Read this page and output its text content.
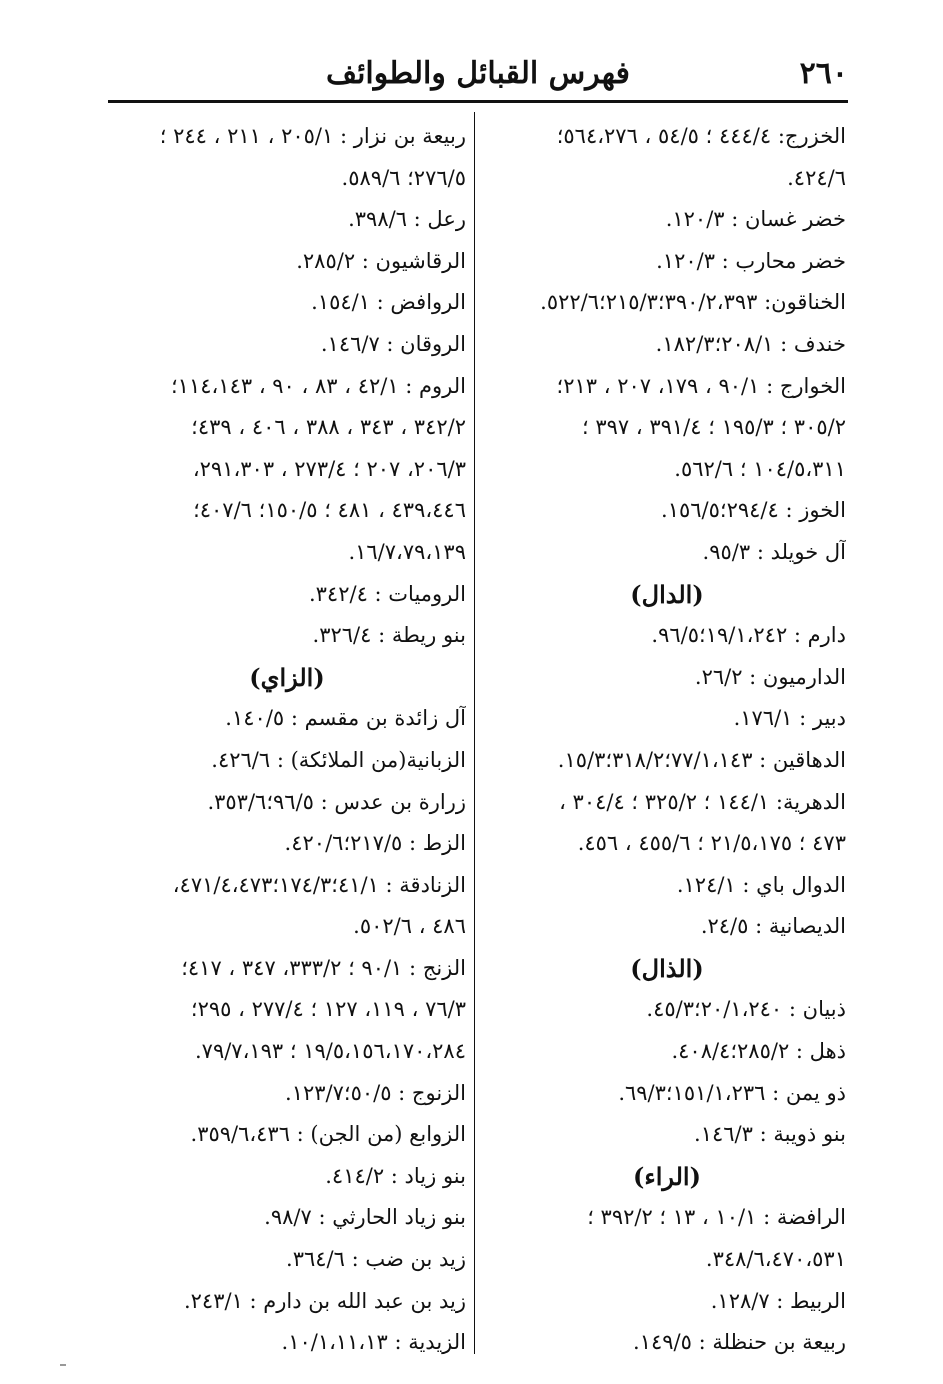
٢٦٠
فهرس القبائل والطوائف
الخزرج: ٤٤٤/٤ ؛ ٥٤/٥ ، ٥٦٤،٢٧٦؛
٤٢٤/٦.
خضر غسان : ١٢٠/٣.
خضر محارب : ١٢٠/٣.
الخناقون: ٣٩٠/٢،٣٩٣؛٢١٥/٣؛٥٢٢/٦.
خندف : ٢٠٨/١؛١٨٢/٣.
الخوارج : ٩٠/١ ، ١٧٩، ٢٠٧ ، ٢١٣؛
٣٠٥/٢ ؛ ١٩٥/٣ ؛ ٣٩١/٤ ، ٣٩٧ ؛
١٠٤/٥،٣١١ ؛ ٥٦٢/٦.
الخوز : ٢٩٤/٤؛١٥٦/٥.
آل خويلد : ٩٥/٣.
(الدال)
دارم : ١٩/١،٢٤٢؛٩٦/٥.
الدارميون : ٢٦/٢.
دبير : ١٧٦/١.
الدهاقين : ٧٧/١،١٤٣؛٣١٨/٢؛١٥/٣.
الدهرية: ١٤٤/١ ؛ ٣٢٥/٢ ؛ ٣٠٤/٤ ،
٤٧٣ ؛ ٢١/٥،١٧٥ ؛ ٤٥٥/٦ ، ٤٥٦.
الدوال باي : ١٢٤/١.
الديصانية : ٢٤/٥.
(الذال)
ذبيان : ٢٠/١،٢٤٠؛٤٥/٣.
ذهل : ٢٨٥/٢؛٤٠٨/٤.
ذو يمن : ١٥١/١،٢٣٦؛٦٩/٣.
بنو ذويبة : ١٤٦/٣.
(الراء)
الرافضة : ١٠/١ ، ١٣ ؛ ٣٩٢/٢ ؛
٣٤٨/٦،٤٧٠،٥٣١.
الربيط : ١٢٨/٧.
ربيعة بن حنظلة : ١٤٩/٥.
ربيعة بن نزار : ٢٠٥/١ ، ٢١١ ، ٢٤٤ ؛
٢٧٦/٥؛ ٥٨٩/٦.
رعل : ٣٩٨/٦.
الرقاشيون : ٢٨٥/٢.
الروافض : ١٥٤/١.
الروقان : ١٤٦/٧.
الروم : ٤٢/١ ، ٨٣ ، ٩٠ ، ١١٤،١٤٣؛
٣٤٢/٢ ، ٣٤٣ ، ٣٨٨ ، ٤٠٦ ، ٤٣٩؛
٢٠٦/٣، ٢٠٧ ؛ ٢٧٣/٤ ، ٢٩١،٣٠٣،
٤٣٩،٤٤٦ ، ٤٨١ ؛ ١٥٠/٥؛ ٤٠٧/٦؛
١٦/٧،٧٩،١٣٩.
الروميات : ٣٤٢/٤.
بنو ريطة : ٣٢٦/٤.
(الزاي)
آل زائدة بن مقسم : ١٤٠/٥.
الزبانية(من الملائكة) : ٤٢٦/٦.
زرارة بن عدس : ٩٦/٥؛٣٥٣/٦.
الزط : ٢١٧/٥؛٤٢٠/٦.
الزنادقة : ٤١/١؛١٧٤/٣؛٤٧١/٤،٤٧٣،
٤٨٦ ، ٥٠٢/٦.
الزنج : ٩٠/١ ؛ ٣٣٣/٢، ٣٤٧ ، ٤١٧؛
٧٦/٣ ، ١١٩، ١٢٧ ؛ ٢٧٧/٤ ، ٢٩٥؛
١٩/٥،١٥٦،١٧٠،٢٨٤ ؛ ٧٩/٧،١٩٣.
الزنوج : ٥٠/٥؛١٢٣/٧.
الزوابع (من الجن) : ٣٥٩/٦،٤٣٦.
بنو زياد : ٤١٤/٢.
بنو زياد الحارثي : ٩٨/٧.
زيد بن ضب : ٣٦٤/٦.
زيد بن عبد الله بن دارم : ٢٤٣/١.
الزيدية : ١٠/١،١١،١٣.
